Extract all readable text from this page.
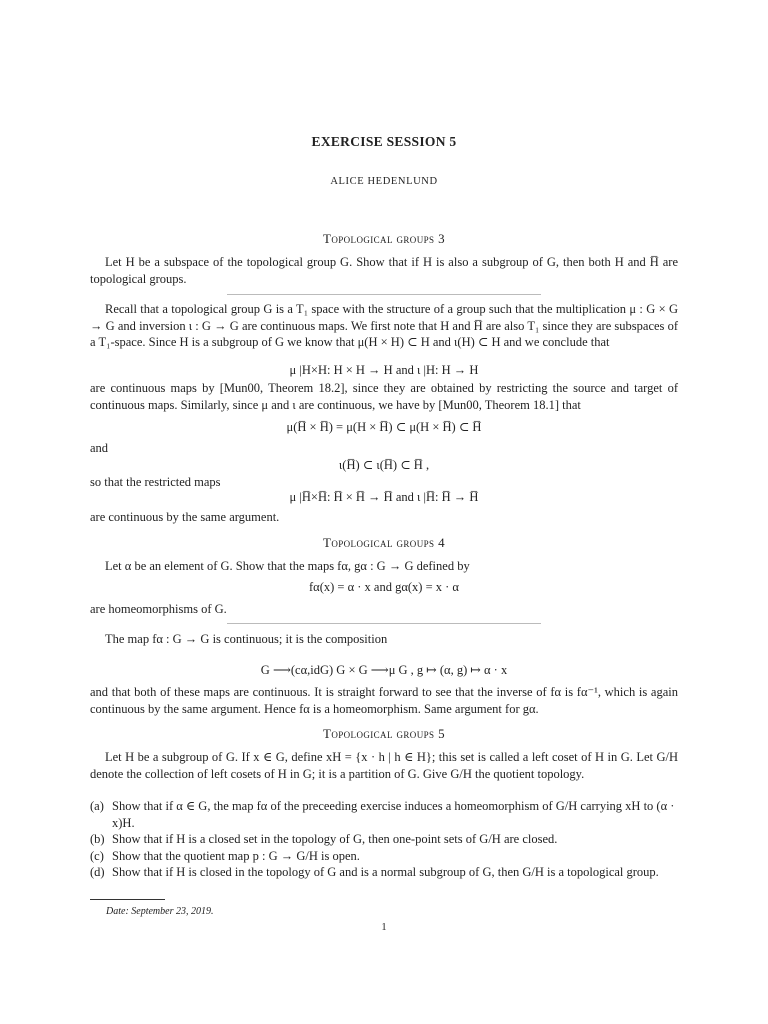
EXERCISE SESSION 5
ALICE HEDENLUND
Topological groups 3
Let H be a subspace of the topological group G. Show that if H is also a subgroup of G, then both H and H̅ are topological groups.
Recall that a topological group G is a T₁ space with the structure of a group such that the multiplication μ : G × G → G and inversion ι : G → G are continuous maps. We first note that H and H̅ are also T₁ since they are subspaces of a T₁-space. Since H is a subgroup of G we know that μ(H × H) ⊂ H and ι(H) ⊂ H and we conclude that
μ |H×H: H × H → H and ι |H: H → H
are continuous maps by [Mun00, Theorem 18.2], since they are obtained by restricting the source and target of continuous maps. Similarly, since μ and ι are continuous, we have by [Mun00, Theorem 18.1] that
μ(H̅ × H̅) = μ(H × H̅) ⊂ μ(H × H̅) ⊂ H̅
and
ι(H̅) ⊂ ι(H̅) ⊂ H̅ ,
so that the restricted maps
μ |H̅×H̅: H̅ × H̅ → H̅ and ι |H̅: H̅ → H̅
are continuous by the same argument.
Topological groups 4
Let α be an element of G. Show that the maps fα, gα : G → G defined by
fα(x) = α · x and gα(x) = x · α
are homeomorphisms of G.
The map fα : G → G is continuous; it is the composition
G ⟶(cα,idG) G × G ⟶μ G , g ↦ (α, g) ↦ α · x
and that both of these maps are continuous. It is straight forward to see that the inverse of fα is fα⁻¹, which is again continuous by the same argument. Hence fα is a homeomorphism. Same argument for gα.
Topological groups 5
Let H be a subgroup of G. If x ∈ G, define xH = {x · h | h ∈ H}; this set is called a left coset of H in G. Let G/H denote the collection of left cosets of H in G; it is a partition of G. Give G/H the quotient topology.
(a) Show that if α ∈ G, the map fα of the preceeding exercise induces a homeomorphism of G/H carrying xH to (α · x)H.
(b) Show that if H is a closed set in the topology of G, then one-point sets of G/H are closed.
(c) Show that the quotient map p : G → G/H is open.
(d) Show that if H is closed in the topology of G and is a normal subgroup of G, then G/H is a topological group.
Date: September 23, 2019.
1
